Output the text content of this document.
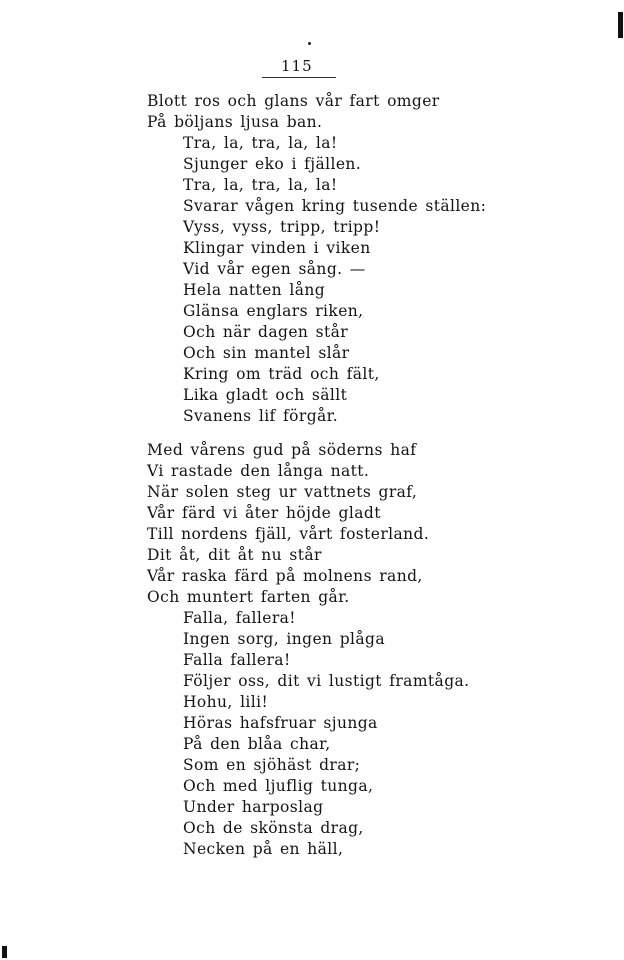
115
Blott ros och glans vår fart omger
På böljans ljusa ban.
Tra, la, tra, la, la!
Sjunger eko i fjällen.
Tra, la, tra, la, la!
Svarar vågen kring tusende ställen:
Vyss, vyss, tripp, tripp!
Klingar vinden i viken
Vid vår egen sång. —
Hela natten lång
Glänsa englars riken,
Och när dagen står
Och sin mantel slår
Kring om träd och fält,
Lika gladt och sällt
Svanens lif förgår.
Med vårens gud på söderns haf
Vi rastade den långa natt.
När solen steg ur vattnets graf,
Vår färd vi åter höjde gladt
Till nordens fjäll, vårt fosterland.
Dit åt, dit åt nu står
Vår raska färd på molnens rand,
Och muntert farten går.
Falla, fallera!
Ingen sorg, ingen plåga
Falla fallera!
Följer oss, dit vi lustigt framtåga.
Hohu, lili!
Höras hafsfruar sjunga
På den blåa char,
Som en sjöhäst drar;
Och med ljuflig tunga,
Under harposlag
Och de skönsta drag,
Necken på en häll,
